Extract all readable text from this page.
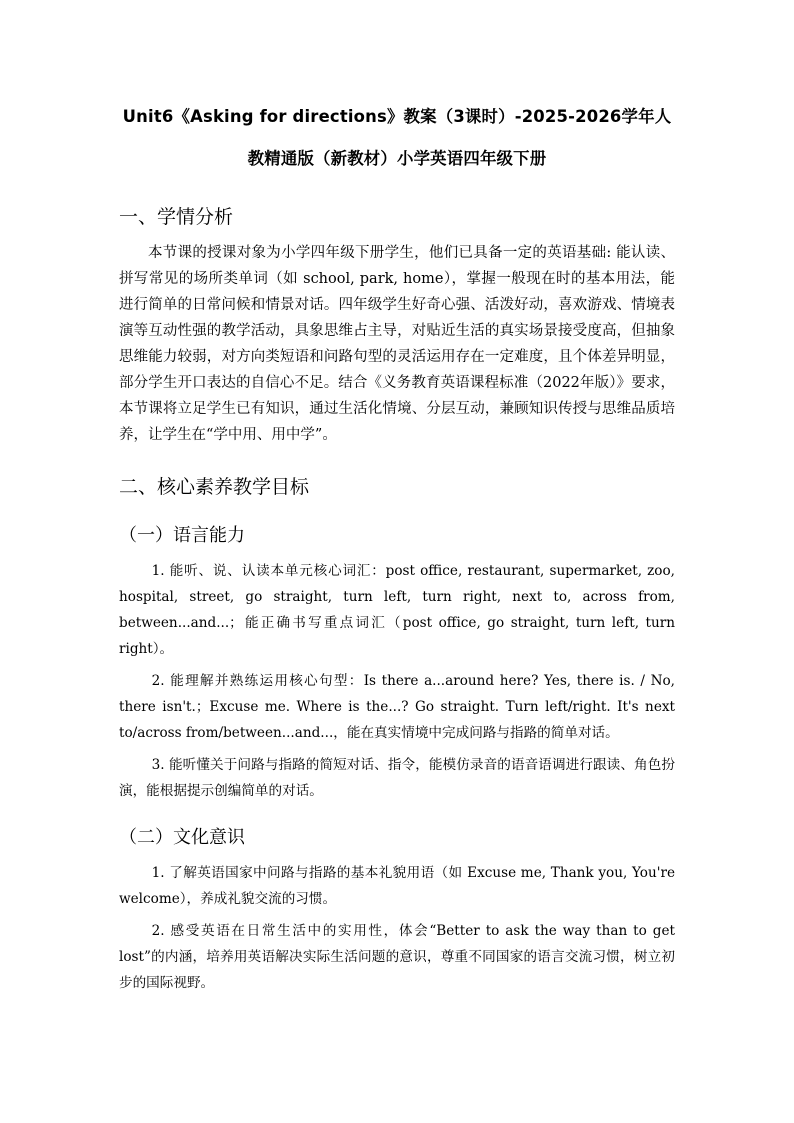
Unit6《Asking for directions》教案（3课时）-2025-2026学年人教精通版（新教材）小学英语四年级下册
一、学情分析

本节课的授课对象为小学四年级下册学生，他们已具备一定的英语基础: 能认读、拼写常见的场所类单词（如 school, park, home），掌握一般现在时的基本用法，能进行简单的日常问候和情景对话。四年级学生好奇心强、活泼好动，喜欢游戏、情境表演等互动性强的教学活动，具象思维占主导，对贴近生活的真实场景接受度高，但抽象思维能力较弱，对方向类短语和问路句型的灵活运用存在一定难度，且个体差异明显，部分学生开口表达的自信心不足。结合《义务教育英语课程标准（2022年版）》要求，本节课将立足学生已有知识，通过生活化情境、分层互动，兼顾知识传授与思维品质培养，让学生在“学中用、用中学”。

二、核心素养教学目标
（一）语言能力

1. 能听、说、认读本单元核心词汇：post office, restaurant, supermarket, zoo, hospital, street, go straight, turn left, turn right, next to, across from, between...and...；能正确书写重点词汇（post office, go straight, turn left, turn right）。

2. 能理解并熟练运用核心句型：Is there a...around here? Yes, there is. / No, there isn't.；Excuse me. Where is the...? Go straight. Turn left/right. It's next to/across from/between...and...，能在真实情境中完成问路与指路的简单对话。

3. 能听懂关于问路与指路的简短对话、指令，能模仿录音的语音语调进行跟读、角色扮演，能根据提示创编简单的对话。

（二）文化意识

1. 了解英语国家中问路与指路的基本礼貌用语（如 Excuse me, Thank you, You're welcome），养成礼貌交流的习惯。

2. 感受英语在日常生活中的实用性，体会“Better to ask the way than to get lost”的内涵，培养用英语解决实际生活问题的意识，尊重不同国家的语言交流习惯，树立初步的国际视野。
